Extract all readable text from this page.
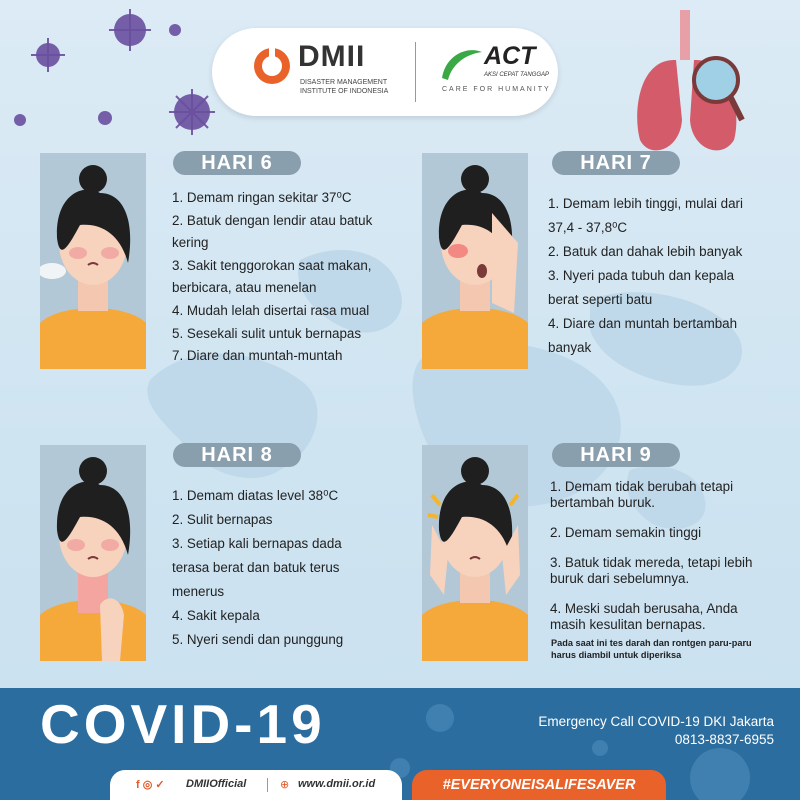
DMII
DISASTER MANAGEMENT INSTITUTE OF INDONESIA
ACT
AKSI CEPAT TANGGAP
CARE FOR HUMANITY
HARI 6
1. Demam ringan sekitar 37⁰C
2. Batuk dengan lendir atau batuk
kering
3. Sakit tenggorokan saat makan,
berbicara, atau menelan
4. Mudah lelah disertai rasa mual
5. Sesekali sulit untuk bernapas
7. Diare dan muntah-muntah
HARI 7
1. Demam lebih tinggi, mulai dari
37,4 - 37,8⁰C
2. Batuk dan dahak lebih banyak
3. Nyeri pada tubuh dan kepala
berat seperti batu
4. Diare dan muntah bertambah
banyak
HARI 8
1. Demam diatas level 38⁰C
2. Sulit bernapas
3. Setiap kali bernapas dada
terasa berat dan batuk terus
menerus
4. Sakit kepala
5. Nyeri sendi dan punggung
HARI 9
1. Demam tidak berubah tetapi bertambah buruk.
2. Demam semakin tinggi
3. Batuk tidak mereda, tetapi lebih buruk dari sebelumnya.
4. Meski sudah berusaha, Anda masih kesulitan bernapas.
Pada saat ini tes darah dan rontgen paru-paru harus diambil untuk diperiksa
COVID-19	Emergency Call COVID-19 DKI Jakarta
0813-8837-6955
f ◎ ✓ DMIIOfficial	⊕ www.dmii.or.id	#EVERYONEISALIFESAVER
